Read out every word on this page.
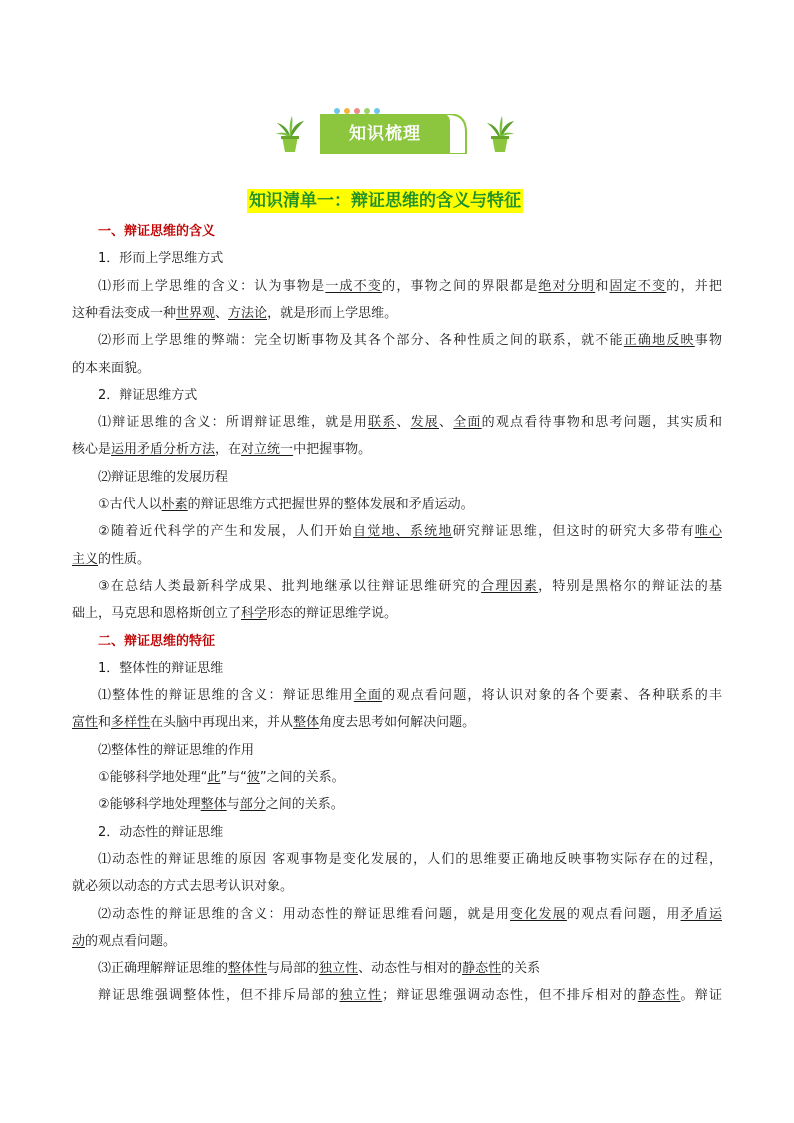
知识梳理
知识清单一：辩证思维的含义与特征
一、辩证思维的含义
1．形而上学思维方式
⑴形而上学思维的含义：认为事物是一成不变的，事物之间的界限都是绝对分明和固定不变的，并把
这种看法变成一种世界观、方法论，就是形而上学思维。
⑵形而上学思维的弊端：完全切断事物及其各个部分、各种性质之间的联系，就不能正确地反映事物
的本来面貌。
2．辩证思维方式
⑴辩证思维的含义：所谓辩证思维，就是用联系、发展、全面的观点看待事物和思考问题，其实质和
核心是运用矛盾分析方法，在对立统一中把握事物。
⑵辩证思维的发展历程
①古代人以朴素的辩证思维方式把握世界的整体发展和矛盾运动。
②随着近代科学的产生和发展，人们开始自觉地、系统地研究辩证思维，但这时的研究大多带有唯心
主义的性质。
③在总结人类最新科学成果、批判地继承以往辩证思维研究的合理因素，特别是黑格尔的辩证法的基
础上，马克思和恩格斯创立了科学形态的辩证思维学说。
二、辩证思维的特征
1．整体性的辩证思维
⑴整体性的辩证思维的含义：辩证思维用全面的观点看问题，将认识对象的各个要素、各种联系的丰
富性和多样性在头脑中再现出来，并从整体角度去思考如何解决问题。
⑵整体性的辩证思维的作用
①能够科学地处理“此”与“彼”之间的关系。
②能够科学地处理整体与部分之间的关系。
2．动态性的辩证思维
⑴动态性的辩证思维的原因 客观事物是变化发展的，人们的思维要正确地反映事物实际存在的过程，
就必须以动态的方式去思考认识对象。
⑵动态性的辩证思维的含义：用动态性的辩证思维看问题，就是用变化发展的观点看问题，用矛盾运
动的观点看问题。
⑶正确理解辩证思维的整体性与局部的独立性、动态性与相对的静态性的关系
辩证思维强调整体性，但不排斥局部的独立性；辩证思维强调动态性，但不排斥相对的静态性。辩证
